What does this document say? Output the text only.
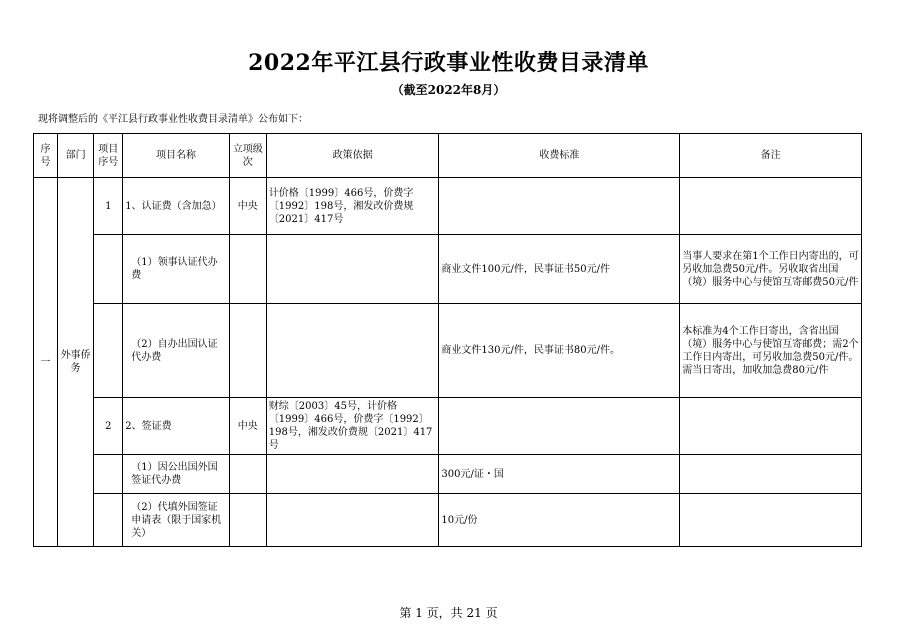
2022年平江县行政事业性收费目录清单
（截至2022年8月）
现将调整后的《平江县行政事业性收费目录清单》公布如下：
序号	部门	项目序号	项目名称	立项级次	政策依据	收费标准	备注
一	外事侨务	1	1、认证费（含加急）	中央	计价格〔1999〕466号，价费字〔1992〕198号，湘发改价费规〔2021〕417号		
			（1）领事认证代办费			商业文件100元/件，民事证书50元/件	当事人要求在第1个工作日内寄出的，可另收加急费50元/件。另收取省出国（境）服务中心与使馆互寄邮费50元/件
			（2）自办出国认证代办费			商业文件130元/件，民事证书80元/件。	本标准为4个工作日寄出，含省出国（境）服务中心与使馆互寄邮费；需2个工作日内寄出，可另收加急费50元/件。需当日寄出，加收加急费80元/件
		2	2、签证费	中央	财综〔2003〕45号，计价格〔1999〕466号，价费字〔1992〕198号，湘发改价费规〔2021〕417号		
			（1）因公出国外国签证代办费			300元/证・国	
			（2）代填外国签证申请表（限于国家机关）			10元/份	
第 1 页，共 21 页
